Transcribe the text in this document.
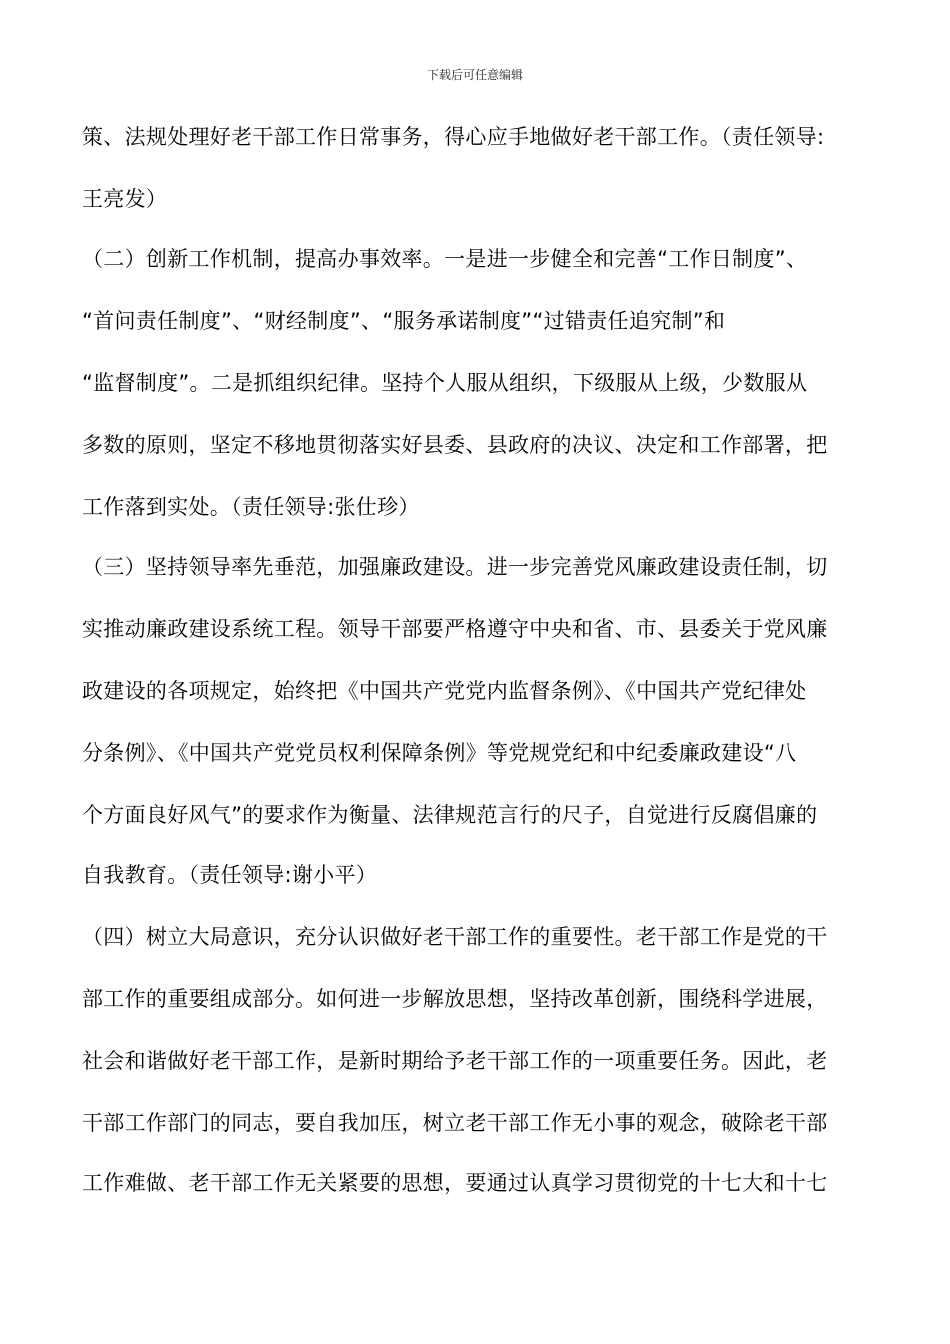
下载后可任意编辑
策、法规处理好老干部工作日常事务，得心应手地做好老干部工作。（责任领导:
王亮发）
（二）创新工作机制，提高办事效率。一是进一步健全和完善“工作日制度”、
“首问责任制度”、“财经制度”、“服务承诺制度”“过错责任追究制”和
“监督制度”。二是抓组织纪律。坚持个人服从组织，下级服从上级，少数服从
多数的原则，坚定不移地贯彻落实好县委、县政府的决议、决定和工作部署，把
工作落到实处。（责任领导:张仕珍）
（三）坚持领导率先垂范，加强廉政建设。进一步完善党风廉政建设责任制，切
实推动廉政建设系统工程。领导干部要严格遵守中央和省、市、县委关于党风廉
政建设的各项规定，始终把《中国共产党党内监督条例》、《中国共产党纪律处
分条例》、《中国共产党党员权利保障条例》等党规党纪和中纪委廉政建设“八
个方面良好风气”的要求作为衡量、法律规范言行的尺子，自觉进行反腐倡廉的
自我教育。（责任领导:谢小平）
（四）树立大局意识，充分认识做好老干部工作的重要性。老干部工作是党的干
部工作的重要组成部分。如何进一步解放思想，坚持改革创新，围绕科学进展，
社会和谐做好老干部工作，是新时期给予老干部工作的一项重要任务。因此，老
干部工作部门的同志，要自我加压，树立老干部工作无小事的观念，破除老干部
工作难做、老干部工作无关紧要的思想，要通过认真学习贯彻党的十七大和十七
